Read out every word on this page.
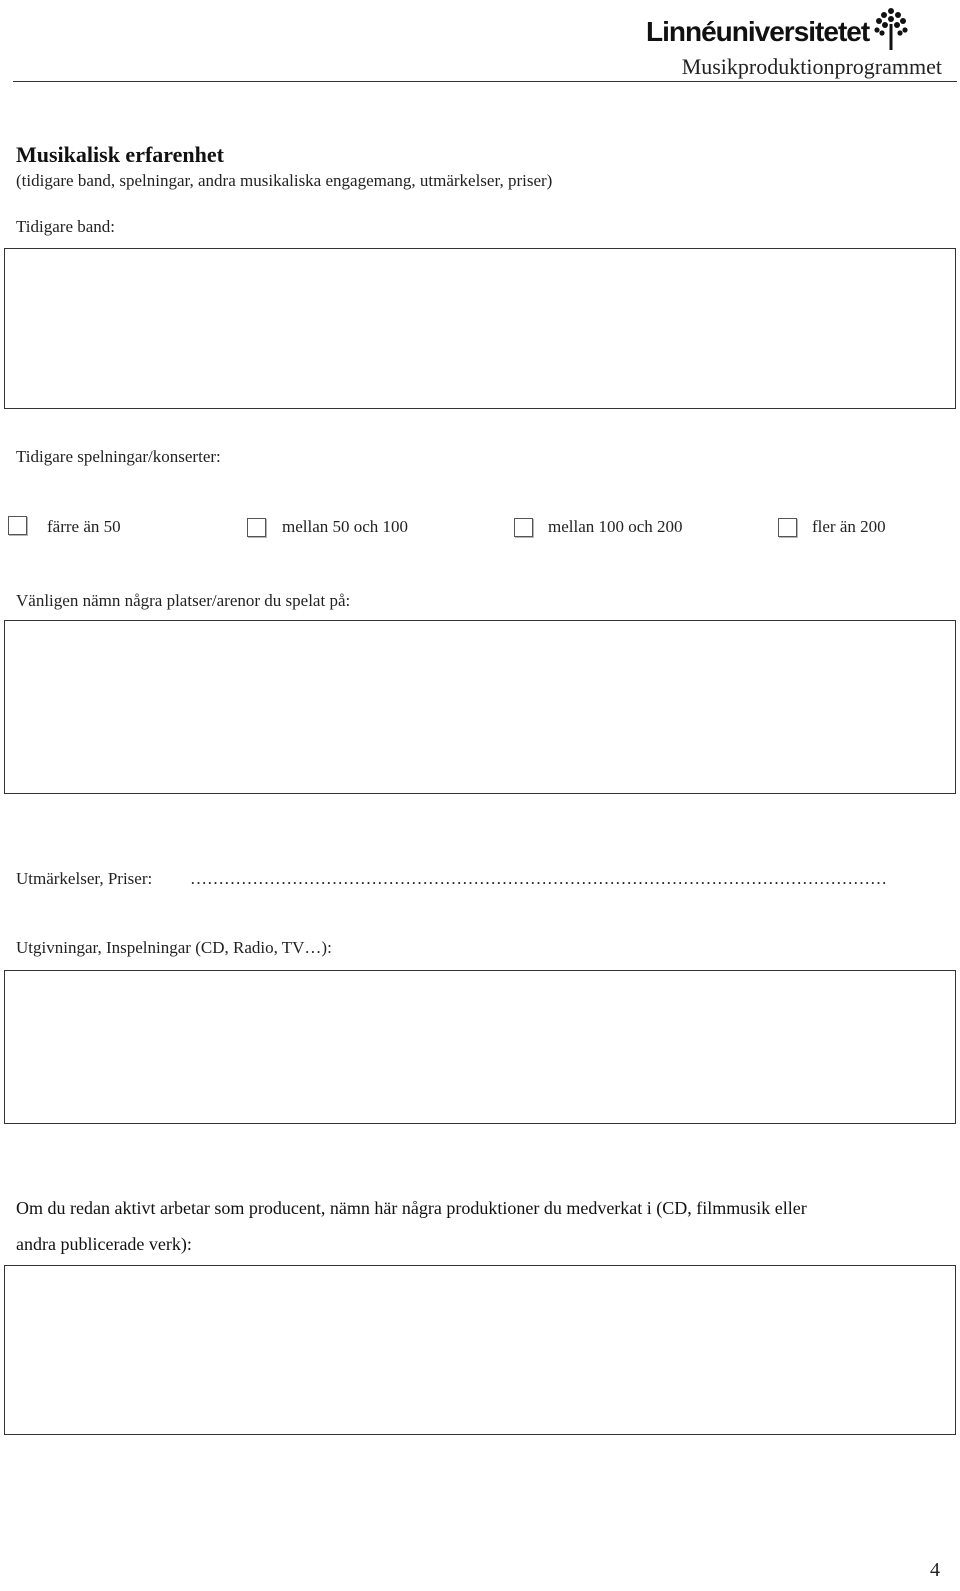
Linnéuniversitetet
Musikproduktionprogrammet
Musikalisk erfarenhet
(tidigare band, spelningar, andra musikaliska engagemang, utmärkelser, priser)
Tidigare band:
Tidigare spelningar/konserter:
färre än 50	mellan 50 och 100	mellan 100 och 200	fler än 200
Vänligen nämn några platser/arenor du spelat på:
Utmärkelser, Priser: ……………………………………………………………………………………………………………
Utgivningar, Inspelningar (CD, Radio, TV…):
Om du redan aktivt arbetar som producent, nämn här några produktioner du medverkat i (CD, filmmusik eller
andra publicerade verk):
4
